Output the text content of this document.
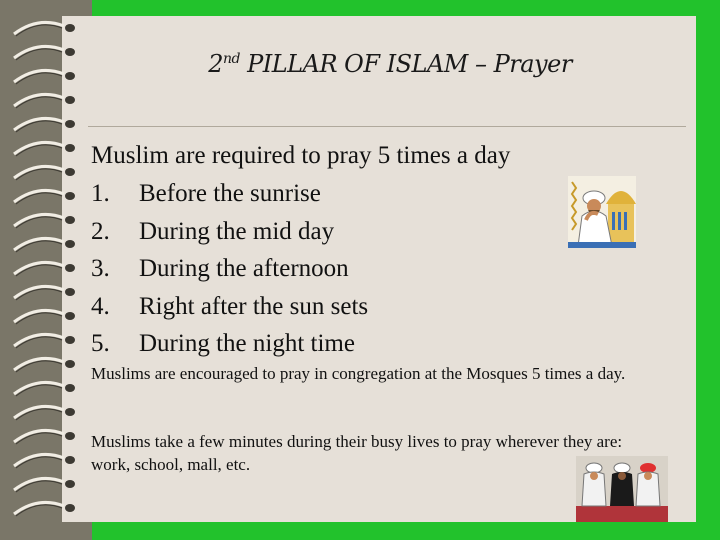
2nd PILLAR OF ISLAM – Prayer
Muslim are required to pray 5 times a day
1. Before the sunrise
2. During the mid day
3. During the afternoon
4. Right after the sun sets
5. During the night time
Muslims are encouraged to pray in congregation at the Mosques 5 times a day.
Muslims take a few minutes during their busy lives to pray wherever they are: work, school, mall, etc.
